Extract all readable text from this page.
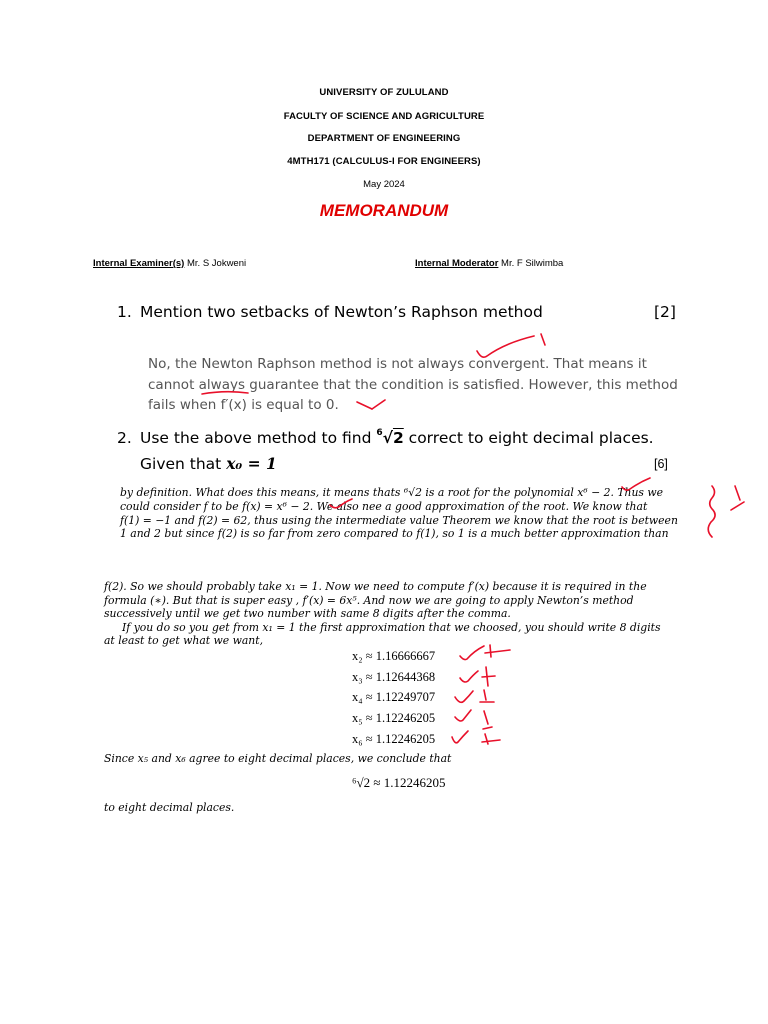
UNIVERSITY OF ZULULAND
FACULTY OF SCIENCE AND AGRICULTURE
DEPARTMENT OF ENGINEERING
4MTH171 (CALCULUS-I FOR ENGINEERS)
May 2024
MEMORANDUM
Internal Examiner(s) Mr. S Jokweni	Internal Moderator Mr. F Silwimba
1. Mention two setbacks of Newton’s Raphson method	[2]
No, the Newton Raphson method is not always convergent. That means it
cannot always guarantee that the condition is satisfied. However, this method
fails when f′(x) is equal to 0.
2. Use the above method to find $^6$√2 correct to eight decimal places.
Given that x₀ = 1	[6]
by definition. What does this means, it means thats ⁶√2 is a root for the polynomial x⁶ − 2. Thus we
could consider f to be f(x) = x⁶ − 2. We also nee a good approximation of the root. We know that
f(1) = −1 and f(2) = 62, thus using the intermediate value Theorem we know that the root is between
1 and 2 but since f(2) is so far from zero compared to f(1), so 1 is a much better approximation than
f(2). So we should probably take x₁ = 1. Now we need to compute f′(x) because it is required in the
formula (∗). But that is super easy , f′(x) = 6x⁵. And now we are going to apply Newton’s method
successively until we get two number with same 8 digits after the comma.
If you do so you get from x₁ = 1 the first approximation that we choosed, you should write 8 digits
at least to get what we want,
x₂ ≈ 1.16666667
x₃ ≈ 1.12644368
x₄ ≈ 1.12249707
x₅ ≈ 1.12246205
x₆ ≈ 1.12246205
Since x₅ and x₆ agree to eight decimal places, we conclude that
⁶√2 ≈ 1.12246205
to eight decimal places.
